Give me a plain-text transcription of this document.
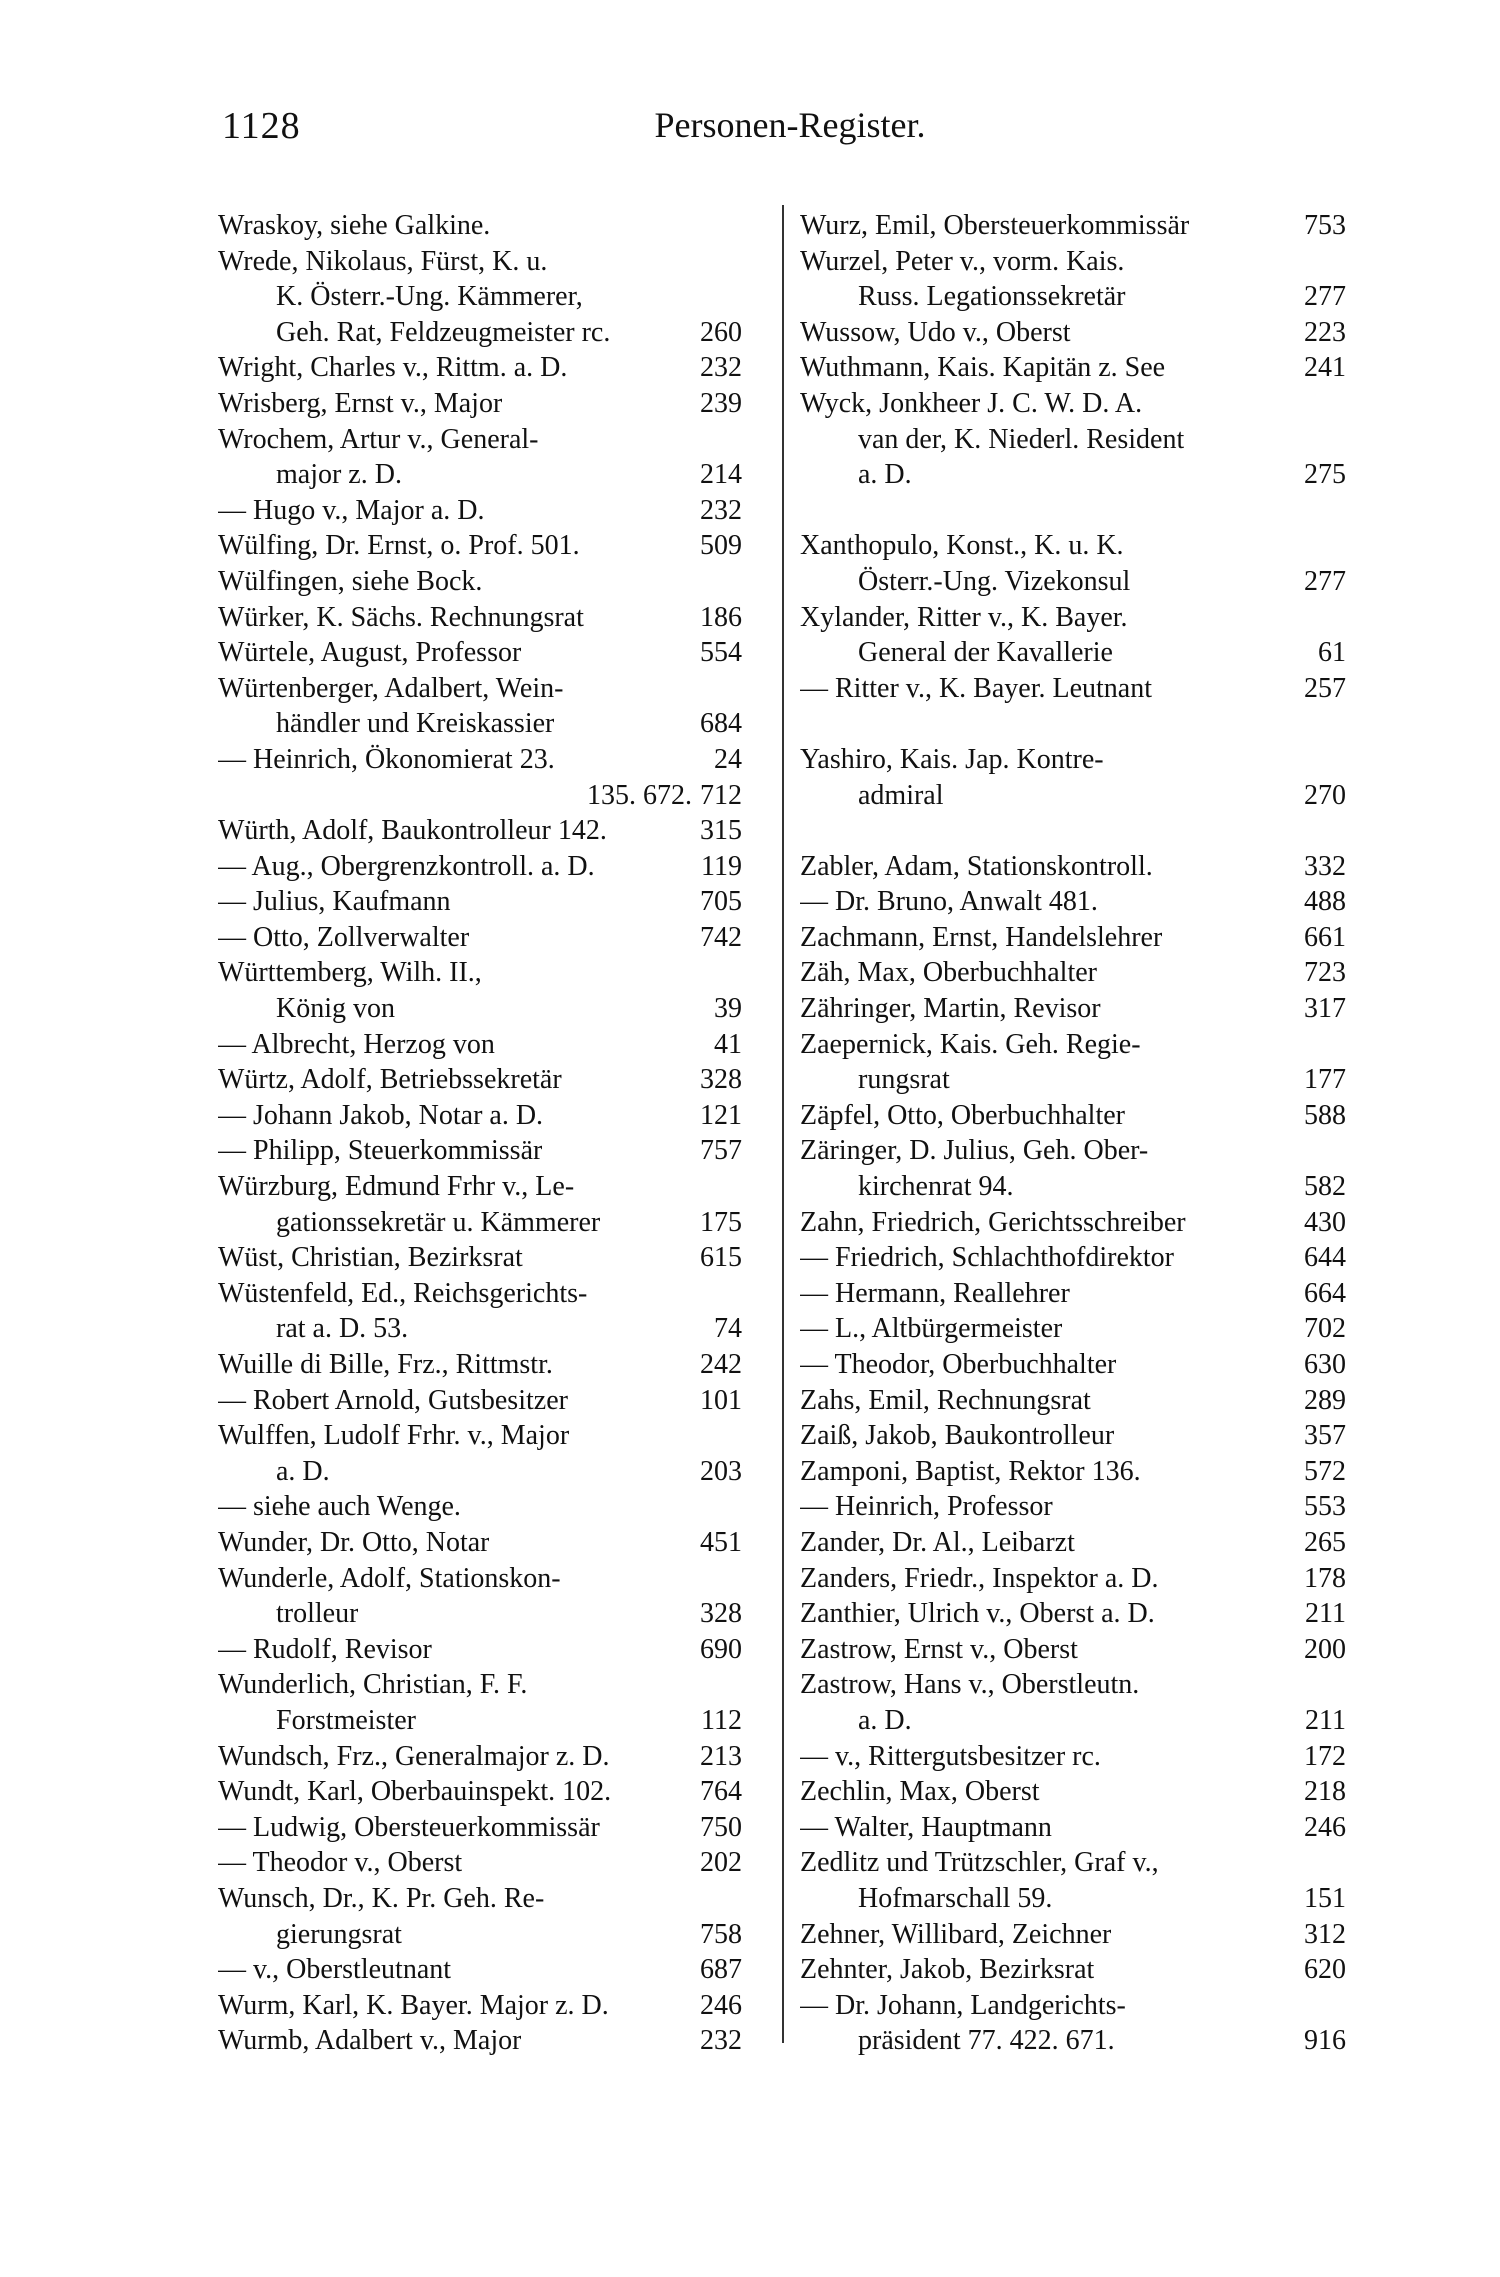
1128	Personen-Register.
Wraskoy, siehe Galkine.
Wrede, Nikolaus, Fürst, K. u.
K. Österr.-Ung. Kämmerer,
Geh. Rat, Feldzeugmeister rc.	260
Wright, Charles v., Rittm. a. D.	232
Wrisberg, Ernst v., Major	239
Wrochem, Artur v., General-
major z. D.	214
— Hugo v., Major a. D.	232
Wülfing, Dr. Ernst, o. Prof. 501.	509
Wülfingen, siehe Bock.
Würker, K. Sächs. Rechnungsrat	186
Würtele, August, Professor	554
Würtenberger, Adalbert, Wein-
händler und Kreiskassier	684
— Heinrich, Ökonomierat 23.	24
135. 672. 712
Würth, Adolf, Baukontrolleur 142.	315
— Aug., Obergrenzkontroll. a. D.	119
— Julius, Kaufmann	705
— Otto, Zollverwalter	742
Württemberg, Wilh. II.,
König von	39
— Albrecht, Herzog von	41
Würtz, Adolf, Betriebssekretär	328
— Johann Jakob, Notar a. D.	121
— Philipp, Steuerkommissär	757
Würzburg, Edmund Frhr v., Le-
gationssekretär u. Kämmerer	175
Wüst, Christian, Bezirksrat	615
Wüstenfeld, Ed., Reichsgerichts-
rat a. D. 53.	74
Wuille di Bille, Frz., Rittmstr.	242
— Robert Arnold, Gutsbesitzer	101
Wulffen, Ludolf Frhr. v., Major
a. D.	203
— siehe auch Wenge.
Wunder, Dr. Otto, Notar	451
Wunderle, Adolf, Stationskon-
trolleur	328
— Rudolf, Revisor	690
Wunderlich, Christian, F. F.
Forstmeister	112
Wundsch, Frz., Generalmajor z. D.	213
Wundt, Karl, Oberbauinspekt. 102.	764
— Ludwig, Obersteuerkommissär	750
— Theodor v., Oberst	202
Wunsch, Dr., K. Pr. Geh. Re-
gierungsrat	758
— v., Oberstleutnant	687
Wurm, Karl, K. Bayer. Major z. D.	246
Wurmb, Adalbert v., Major	232
Wurz, Emil, Obersteuerkommissär	753
Wurzel, Peter v., vorm. Kais.
Russ. Legationssekretär	277
Wussow, Udo v., Oberst	223
Wuthmann, Kais. Kapitän z. See	241
Wyck, Jonkheer J. C. W. D. A.
van der, K. Niederl. Resident
a. D.	275
Xanthopulo, Konst., K. u. K.
Österr.-Ung. Vizekonsul	277
Xylander, Ritter v., K. Bayer.
General der Kavallerie	61
— Ritter v., K. Bayer. Leutnant	257
Yashiro, Kais. Jap. Kontre-
admiral	270
Zabler, Adam, Stationskontroll.	332
— Dr. Bruno, Anwalt 481.	488
Zachmann, Ernst, Handelslehrer	661
Zäh, Max, Oberbuchhalter	723
Zähringer, Martin, Revisor	317
Zaepernick, Kais. Geh. Regie-
rungsrat	177
Zäpfel, Otto, Oberbuchhalter	588
Zäringer, D. Julius, Geh. Ober-
kirchenrat 94.	582
Zahn, Friedrich, Gerichtsschreiber	430
— Friedrich, Schlachthofdirektor	644
— Hermann, Reallehrer	664
— L., Altbürgermeister	702
— Theodor, Oberbuchhalter	630
Zahs, Emil, Rechnungsrat	289
Zaiß, Jakob, Baukontrolleur	357
Zamponi, Baptist, Rektor 136.	572
— Heinrich, Professor	553
Zander, Dr. Al., Leibarzt	265
Zanders, Friedr., Inspektor a. D.	178
Zanthier, Ulrich v., Oberst a. D.	211
Zastrow, Ernst v., Oberst	200
Zastrow, Hans v., Oberstleutn.
a. D.	211
— v., Rittergutsbesitzer rc.	172
Zechlin, Max, Oberst	218
— Walter, Hauptmann	246
Zedlitz und Trützschler, Graf v.,
Hofmarschall 59.	151
Zehner, Willibard, Zeichner	312
Zehnter, Jakob, Bezirksrat	620
— Dr. Johann, Landgerichts-
präsident 77. 422. 671.	916
